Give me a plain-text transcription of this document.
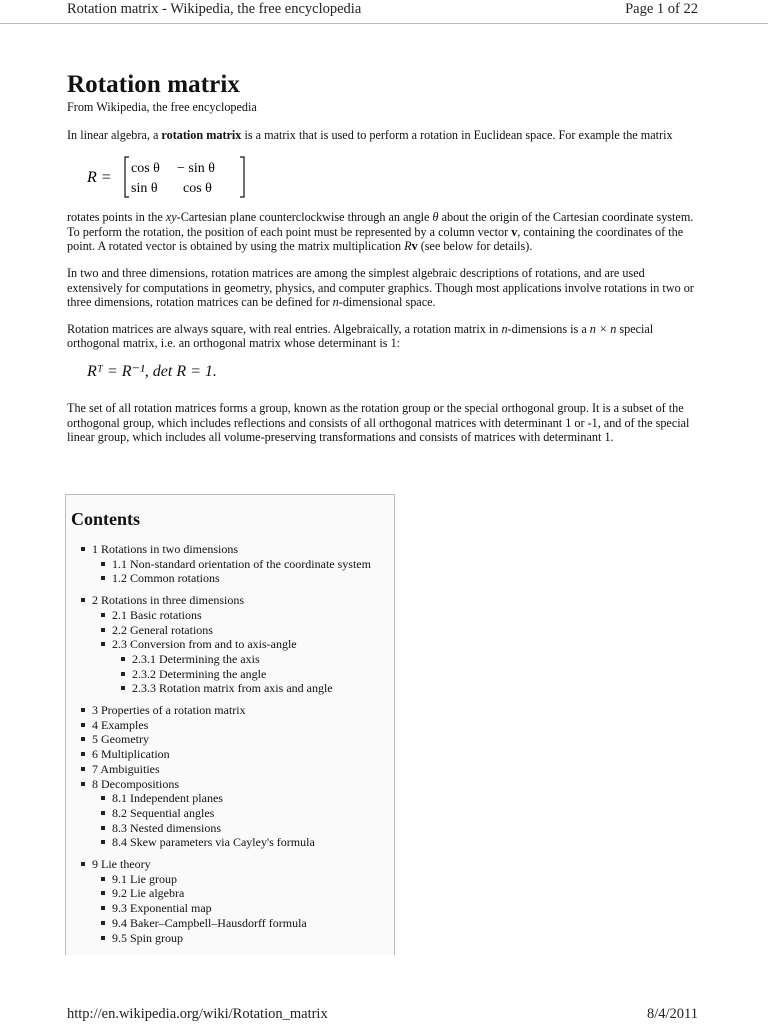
Rotation matrix - Wikipedia, the free encyclopedia	Page 1 of 22
Rotation matrix
From Wikipedia, the free encyclopedia

In linear algebra, a rotation matrix is a matrix that is used to perform a rotation in Euclidean space. For example the matrix

R =
cos θ − sin θ
sin θ cos θ

rotates points in the xy-Cartesian plane counterclockwise through an angle θ about the origin of the Cartesian coordinate system. To perform the rotation, the position of each point must be represented by a column vector v, containing the coordinates of the point. A rotated vector is obtained by using the matrix multiplication Rv (see below for details).

In two and three dimensions, rotation matrices are among the simplest algebraic descriptions of rotations, and are used extensively for computations in geometry, physics, and computer graphics. Though most applications involve rotations in two or three dimensions, rotation matrices can be defined for n-dimensional space.

Rotation matrices are always square, with real entries. Algebraically, a rotation matrix in n-dimensions is a n × n special orthogonal matrix, i.e. an orthogonal matrix whose determinant is 1:

Rᵀ = R⁻¹, det R = 1.

The set of all rotation matrices forms a group, known as the rotation group or the special orthogonal group. It is a subset of the orthogonal group, which includes reflections and consists of all orthogonal matrices with determinant 1 or -1, and of the special linear group, which includes all volume-preserving transformations and consists of matrices with determinant 1.

Contents
1 Rotations in two dimensions
1.1 Non-standard orientation of the coordinate system
1.2 Common rotations
2 Rotations in three dimensions
2.1 Basic rotations
2.2 General rotations
2.3 Conversion from and to axis-angle
2.3.1 Determining the axis
2.3.2 Determining the angle
2.3.3 Rotation matrix from axis and angle
3 Properties of a rotation matrix
4 Examples
5 Geometry
6 Multiplication
7 Ambiguities
8 Decompositions
8.1 Independent planes
8.2 Sequential angles
8.3 Nested dimensions
8.4 Skew parameters via Cayley's formula
9 Lie theory
9.1 Lie group
9.2 Lie algebra
9.3 Exponential map
9.4 Baker–Campbell–Hausdorff formula
9.5 Spin group
http://en.wikipedia.org/wiki/Rotation_matrix	8/4/2011
